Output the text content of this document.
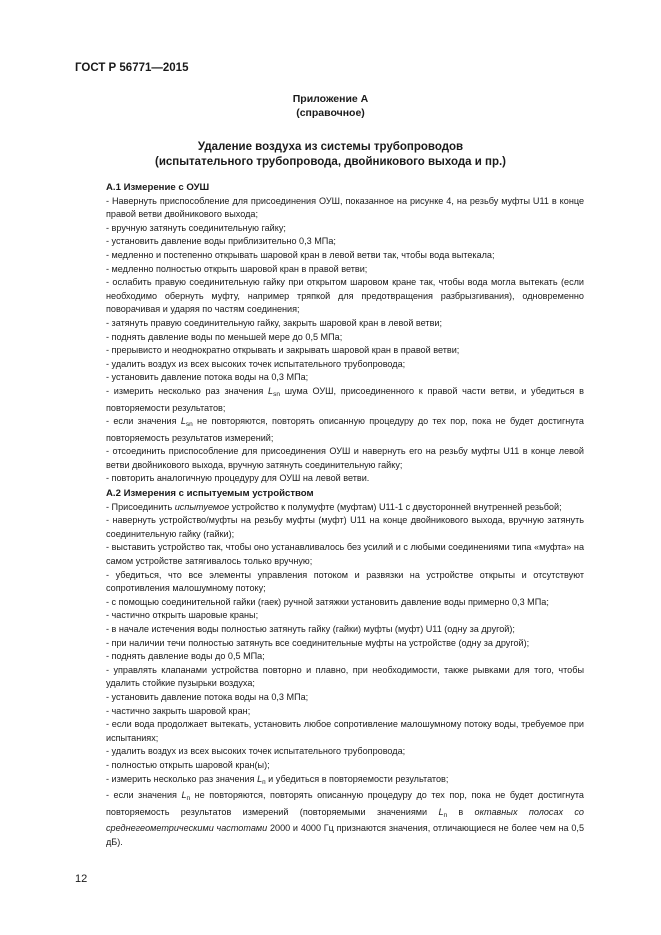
ГОСТ Р 56771—2015
Приложение А
(справочное)
Удаление воздуха из системы трубопроводов
(испытательного трубопровода, двойникового выхода и пр.)
А.1 Измерение с ОУШ

- Навернуть приспособление для присоединения ОУШ, показанное на рисунке 4, на резьбу муфты U11 в конце правой ветви двойникового выхода;

- вручную затянуть соединительную гайку;

- установить давление воды приблизительно 0,3 МПа;

- медленно и постепенно открывать шаровой кран в левой ветви так, чтобы вода вытекала;

- медленно полностью открыть шаровой кран в правой ветви;

- ослабить правую соединительную гайку при открытом шаровом кране так, чтобы вода могла вытекать (если необходимо обернуть муфту, например тряпкой для предотвращения разбрызгивания), одновременно поворачивая и ударяя по частям соединения;

- затянуть правую соединительную гайку, закрыть шаровой кран в левой ветви;

- поднять давление воды по меньшей мере до 0,5 МПа;

- прерывисто и неоднократно открывать и закрывать шаровой кран в правой ветви;

- удалить воздух из всех высоких точек испытательного трубопровода;

- установить давление потока воды на 0,3 МПа;

- измерить несколько раз значения $L_{sn}$ шума ОУШ, присоединенного к правой части ветви, и убедиться в повторяемости результатов;

- если значения $L_{sn}$ не повторяются, повторять описанную процедуру до тех пор, пока не будет достигнута повторяемость результатов измерений;

- отсоединить приспособление для присоединения ОУШ и навернуть его на резьбу муфты U11 в конце левой ветви двойникового выхода, вручную затянуть соединительную гайку;

- повторить аналогичную процедуру для ОУШ на левой ветви.

А.2 Измерения с испытуемым устройством

- Присоединить испытуемое устройство к полумуфте (муфтам) U11-1 с двусторонней внутренней резьбой;

- навернуть устройство/муфты на резьбу муфты (муфт) U11 на конце двойникового выхода, вручную затянуть соединительную гайку (гайки);

- выставить устройство так, чтобы оно устанавливалось без усилий и с любыми соединениями типа «муфта» на самом устройстве затягивалось только вручную;

- убедиться, что все элементы управления потоком и развязки на устройстве открыты и отсутствуют сопротивления малошумному потоку;

- с помощью соединительной гайки (гаек) ручной затяжки установить давление воды примерно 0,3 МПа;

- частично открыть шаровые краны;

- в начале истечения воды полностью затянуть гайку (гайки) муфты (муфт) U11 (одну за другой);

- при наличии течи полностью затянуть все соединительные муфты на устройстве (одну за другой);

- поднять давление воды до 0,5 МПа;

- управлять клапанами устройства повторно и плавно, при необходимости, также рывками для того, чтобы удалить стойкие пузырьки воздуха;

- установить давление потока воды на 0,3 МПа;

- частично закрыть шаровой кран;

- если вода продолжает вытекать, установить любое сопротивление малошумному потоку воды, требуемое при испытаниях;

- удалить воздух из всех высоких точек испытательного трубопровода;

- полностью открыть шаровой кран(ы);

- измерить несколько раз значения $L_п$ и убедиться в повторяемости результатов;

- если значения $L_п$ не повторяются, повторять описанную процедуру до тех пор, пока не будет достигнута повторяемость результатов измерений (повторяемыми значениями $L_п$ в октавных полосах со среднегеометрическими частотами 2000 и 4000 Гц признаются значения, отличающиеся не более чем на 0,5 дБ).

12
